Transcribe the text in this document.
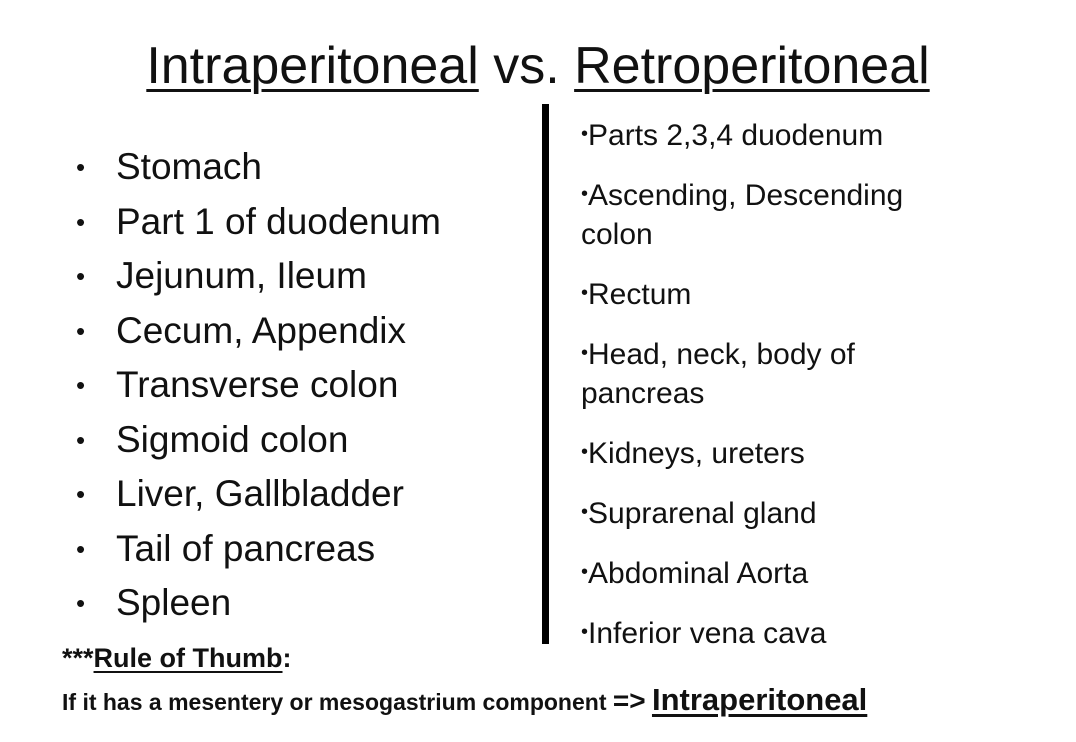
Intraperitoneal vs. Retroperitoneal
• Stomach
• Part 1 of duodenum
• Jejunum, Ileum
• Cecum, Appendix
• Transverse colon
• Sigmoid colon
• Liver, Gallbladder
• Tail of pancreas
• Spleen
•Parts 2,3,4 duodenum
•Ascending, Descending colon
•Rectum
•Head, neck, body of pancreas
•Kidneys, ureters
•Suprarenal gland
•Abdominal Aorta
•Inferior vena cava
***Rule of Thumb:
If it has a mesentery or mesogastrium component => Intraperitoneal
